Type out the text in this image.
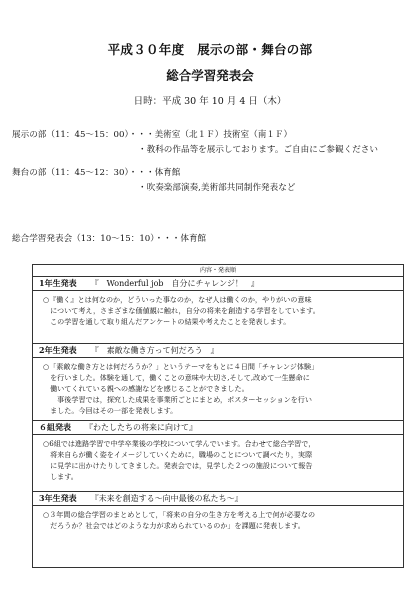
平成３０年度　展示の部・舞台の部
総合学習発表会
日時：平成 30 年 10 月 4 日（木）
展示の部（11：45～15：00）・・・美術室（北１Ｆ）技術室（南１Ｆ）
・教科の作品等を展示しております。ご自由にご参観ください
舞台の部（11：45～12：30）・・・体育館
・吹奏楽部演奏,美術部共同制作発表など
総合学習発表会（13：10～15：10）・・・体育館
内容・発表順
1年生発表 『　Wonderful job　自分にチャレンジ！　』

○『働く』とは何なのか，どういった事なのか，なぜ人は働くのか，やりがいの意味

　について考え，さまざまな価値観に触れ，自分の将来を創造する学習をしています。

　この学習を通して取り組んだアンケートの結果や考えたことを発表します。

2年生発表 『　素敵な働き方って何だろう　』

○「素敵な働き方とは何だろうか？」というテーマをもとに４日間「チャレンジ体験」

　を行いました。体験を通して，働くことの意味や大切さ,そして,改めて一生懸命に

　働いてくれている親への感謝などを感じることができました。

　　事後学習では，探究した成果を事業所ごとにまとめ，ポスターセッションを行い

　ました。今回はその一部を発表します。

６組発表 『わたしたちの将来に向けて』

○6組では進路学習で中学卒業後の学校について学んでいます。合わせて総合学習で，

　将来自らが働く姿をイメージしていくために，職場のことについて調べたり，実際

　に見学に出かけたりしてきました。発表会では，見学した２つの施設について報告

　します。

3年生発表 『未来を創造する～向中最後の私たち～』

○３年間の総合学習のまとめとして，「将来の自分の生き方を考える上で何が必要なの

　だろうか？社会ではどのような力が求められているのか」を課題に発表します。
